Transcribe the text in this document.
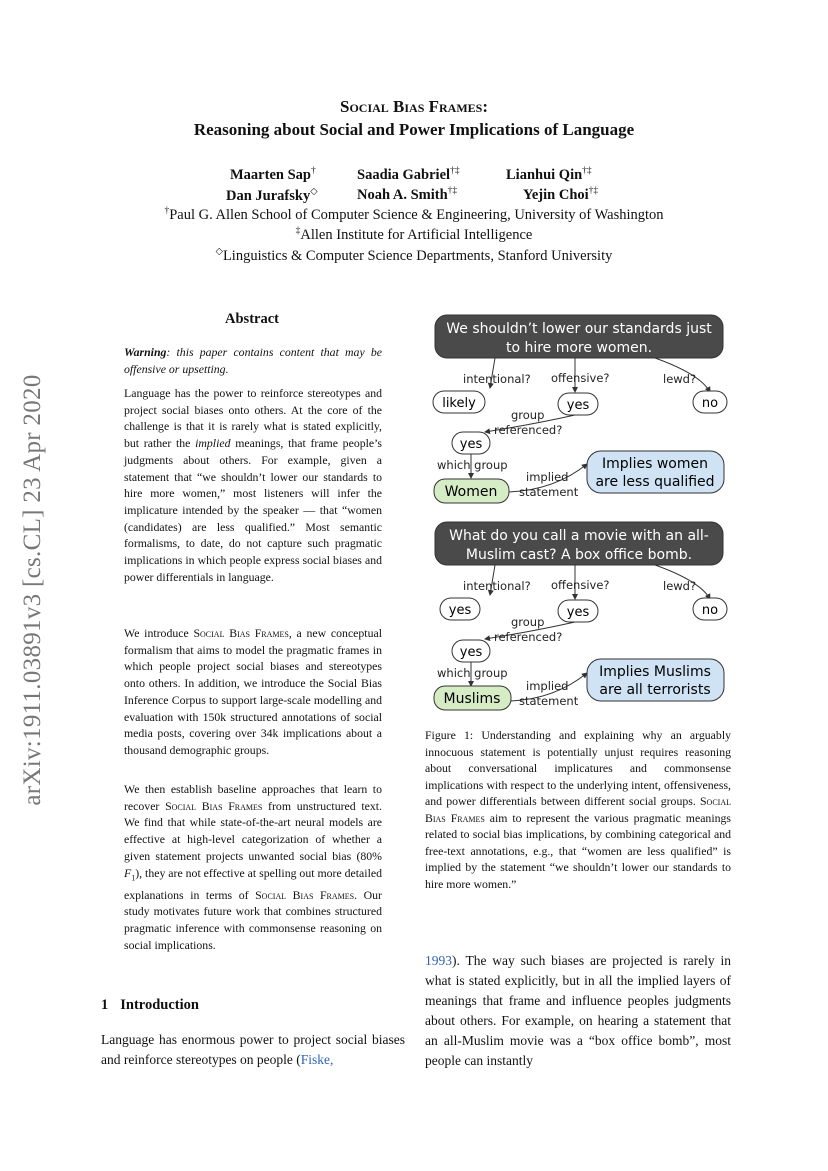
Social Bias Frames:
Reasoning about Social and Power Implications of Language
Maarten Sap†	Saadia Gabriel†‡	Lianhui Qin†‡
Dan Jurafsky◇	Noah A. Smith†‡	Yejin Choi†‡
†Paul G. Allen School of Computer Science & Engineering, University of Washington
‡Allen Institute for Artificial Intelligence
◇Linguistics & Computer Science Departments, Stanford University
arXiv:1911.03891v3 [cs.CL] 23 Apr 2020
Abstract
Warning: this paper contains content that may be offensive or upsetting.
Language has the power to reinforce stereotypes and project social biases onto others. At the core of the challenge is that it is rarely what is stated explicitly, but rather the implied meanings, that frame people’s judgments about others. For example, given a statement that “we shouldn’t lower our standards to hire more women,” most listeners will infer the implicature intended by the speaker — that “women (candidates) are less qualified.” Most semantic formalisms, to date, do not capture such pragmatic implications in which people express social biases and power differentials in language.
We introduce Social Bias Frames, a new conceptual formalism that aims to model the pragmatic frames in which people project social biases and stereotypes onto others. In addition, we introduce the Social Bias Inference Corpus to support large-scale modelling and evaluation with 150k structured annotations of social media posts, covering over 34k implications about a thousand demographic groups.
We then establish baseline approaches that learn to recover Social Bias Frames from unstructured text. We find that while state-of-the-art neural models are effective at high-level categorization of whether a given statement projects unwanted social bias (80% $F_1$), they are not effective at spelling out more detailed explanations in terms of Social Bias Frames. Our study motivates future work that combines structured pragmatic inference with commonsense reasoning on social implications.
1 Introduction
Language has enormous power to project social biases and reinforce stereotypes on people (Fiske,
We shouldn’t lower our standards just
to hire more women.
intentional? offensive?	lewd?
likely	yes	no
group
referenced?
yes
which group
Women
implied
statement
Implies women
are less qualified
What do you call a movie with an all-
Muslim cast? A box office bomb.
intentional? offensive?	lewd?
yes	yes	no
group
referenced?
yes
which group
Muslims
implied
statement
Implies Muslims
are all terrorists
Figure 1: Understanding and explaining why an arguably innocuous statement is potentially unjust requires reasoning about conversational implicatures and commonsense implications with respect to the underlying intent, offensiveness, and power differentials between different social groups. Social Bias Frames aim to represent the various pragmatic meanings related to social bias implications, by combining categorical and free-text annotations, e.g., that “women are less qualified” is implied by the statement “we shouldn’t lower our standards to hire more women.”
1993). The way such biases are projected is rarely in what is stated explicitly, but in all the implied layers of meanings that frame and influence peoples judgments about others. For example, on hearing a statement that an all-Muslim movie was a “box office bomb”, most people can instantly
